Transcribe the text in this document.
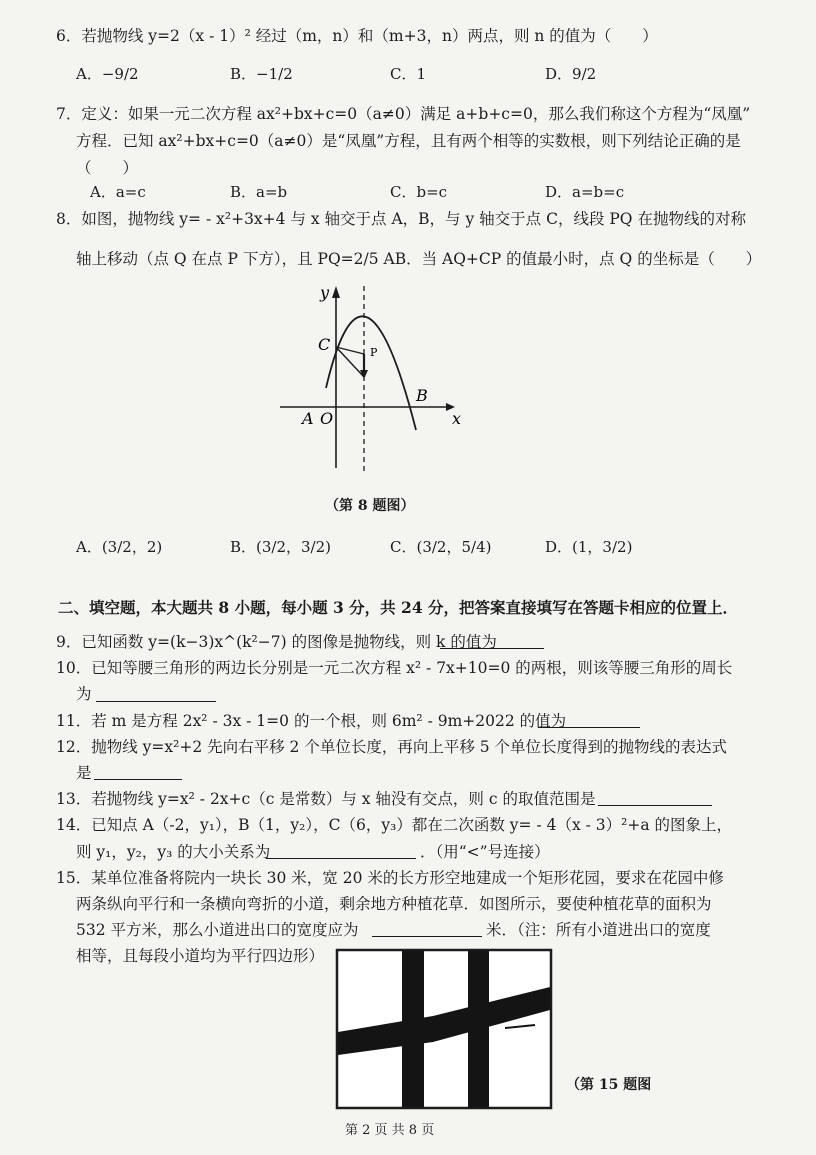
6．若抛物线 y=2（x - 1）² 经过（m，n）和（m+3，n）两点，则 n 的值为（　　）
A．−9/2	B．−1/2	C．1	D．9/2
7．定义：如果一元二次方程 ax²+bx+c=0（a≠0）满足 a+b+c=0，那么我们称这个方程为“凤凰”
方程．已知 ax²+bx+c=0（a≠0）是“凤凰”方程，且有两个相等的实数根，则下列结论正确的是
（　　）
A．a=c	B．a=b	C．b=c	D．a=b=c
8．如图，抛物线 y= - x²+3x+4 与 x 轴交于点 A，B，与 y 轴交于点 C，线段 PQ 在抛物线的对称
轴上移动（点 Q 在点 P 下方），且 PQ=2/5 AB．当 AQ+CP 的值最小时，点 Q 的坐标是（　　）
y
x
A O
B
C	P
（第 8 题图）
A．(3/2，2)	B．(3/2，3/2)	C．(3/2，5/4)	D．(1，3/2)
二、填空题，本大题共 8 小题，每小题 3 分，共 24 分，把答案直接填写在答题卡相应的位置上．
9．已知函数 y=(k−3)x^(k²−7) 的图像是抛物线，则 k 的值为
10．已知等腰三角形的两边长分别是一元二次方程 x² - 7x+10=0 的两根，则该等腰三角形的周长
为
11．若 m 是方程 2x² - 3x - 1=0 的一个根，则 6m² - 9m+2022 的值为
12．抛物线 y=x²+2 先向右平移 2 个单位长度，再向上平移 5 个单位长度得到的抛物线的表达式
是
13．若抛物线 y=x² - 2x+c（c 是常数）与 x 轴没有交点，则 c 的取值范围是
14．已知点 A（-2，y₁），B（1，y₂），C（6，y₃）都在二次函数 y= - 4（x - 3）²+a 的图象上，
则 y₁，y₂，y₃ 的大小关系为	．（用“<”号连接）
15．某单位准备将院内一块长 30 米，宽 20 米的长方形空地建成一个矩形花园，要求在花园中修
两条纵向平行和一条横向弯折的小道，剩余地方种植花草．如图所示，要使种植花草的面积为
532 平方米，那么小道进出口的宽度应为	米．（注：所有小道进出口的宽度
相等，且每段小道均为平行四边形）
（第 15 题图
第 2 页 共 8 页
